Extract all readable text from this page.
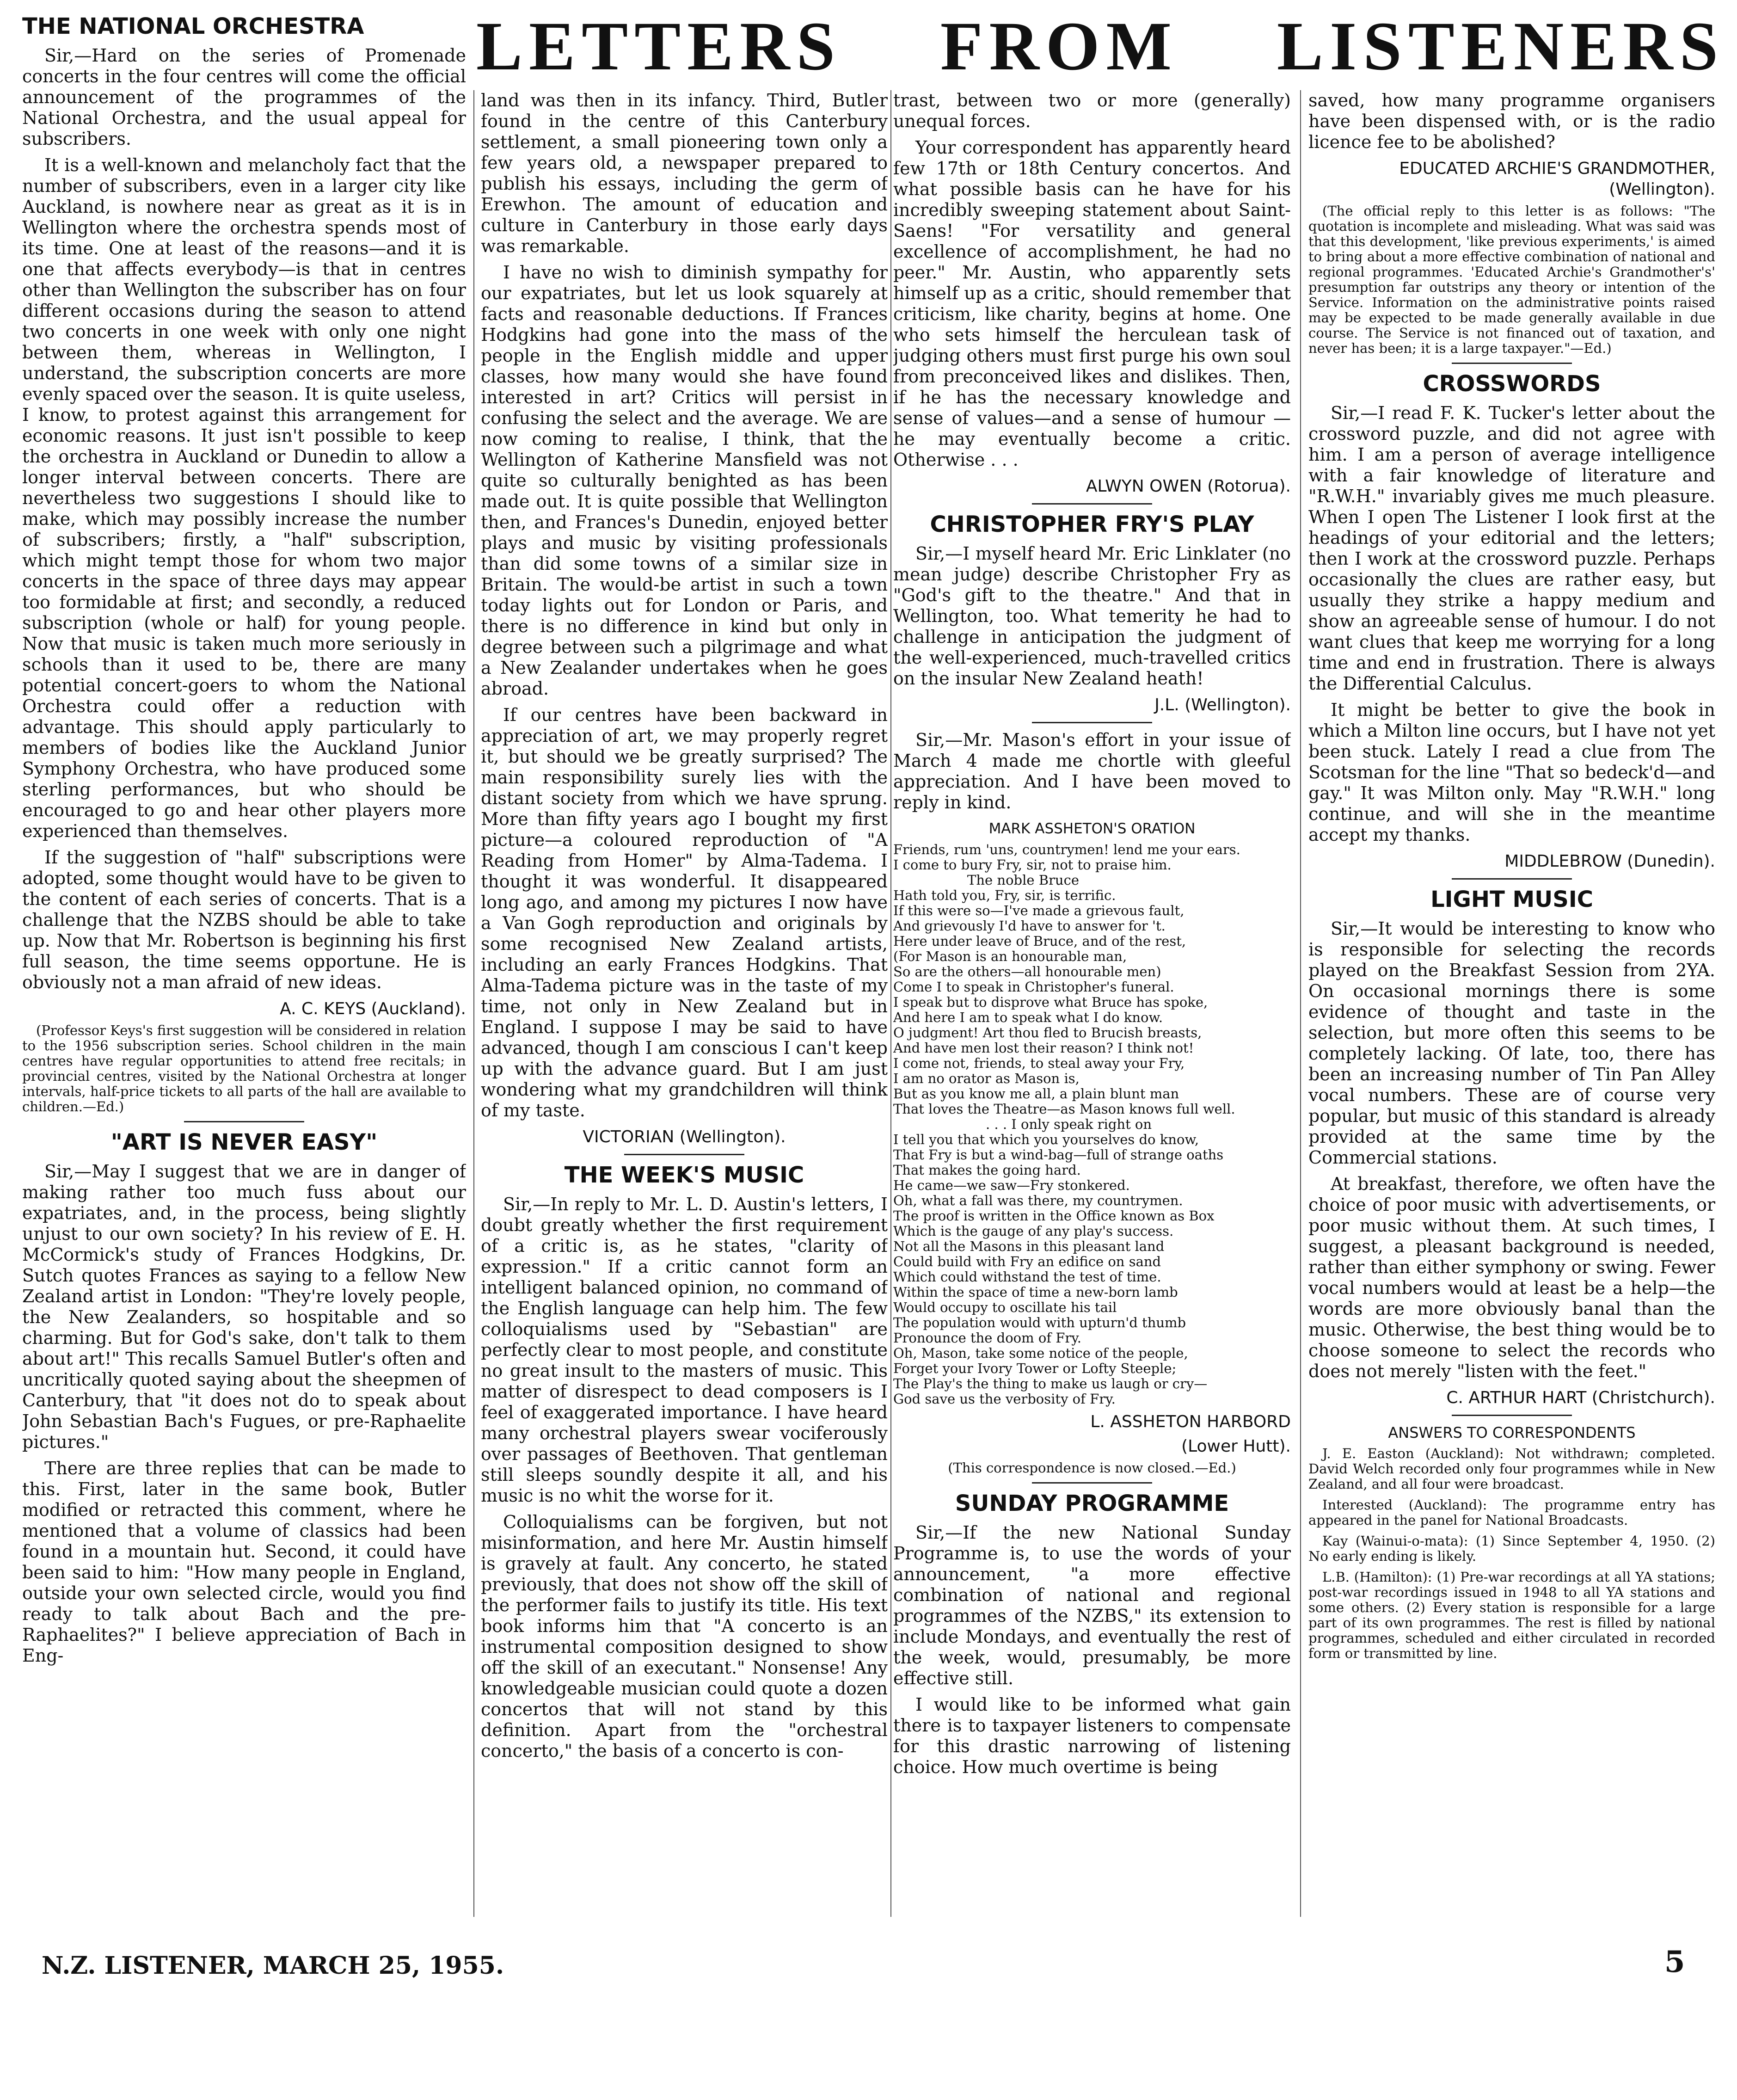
LETTERS FROM LISTENERS
THE NATIONAL ORCHESTRA

Sir,—Hard on the series of Promenade concerts in the four centres will come the official announcement of the programmes of the National Orchestra, and the usual appeal for subscribers.

It is a well-known and melancholy fact that the number of subscribers, even in a larger city like Auckland, is nowhere near as great as it is in Wellington where the orchestra spends most of its time. One at least of the reasons—and it is one that affects everybody—is that in centres other than Wellington the subscriber has on four different occasions during the season to attend two concerts in one week with only one night between them, whereas in Wellington, I understand, the subscription concerts are more evenly spaced over the season. It is quite useless, I know, to protest against this arrangement for economic reasons. It just isn't possible to keep the orchestra in Auckland or Dunedin to allow a longer interval between concerts. There are nevertheless two suggestions I should like to make, which may possibly increase the number of subscribers; firstly, a "half" subscription, which might tempt those for whom two major concerts in the space of three days may appear too formidable at first; and secondly, a reduced subscription (whole or half) for young people. Now that music is taken much more seriously in schools than it used to be, there are many potential concert-goers to whom the National Orchestra could offer a reduction with advantage. This should apply particularly to members of bodies like the Auckland Junior Symphony Orchestra, who have produced some sterling performances, but who should be encouraged to go and hear other players more experienced than themselves.

If the suggestion of "half" subscriptions were adopted, some thought would have to be given to the content of each series of concerts. That is a challenge that the NZBS should be able to take up. Now that Mr. Robertson is beginning his first full season, the time seems opportune. He is obviously not a man afraid of new ideas.

A. C. KEYS (Auckland).

(Professor Keys's first suggestion will be considered in relation to the 1956 subscription series. School children in the main centres have regular opportunities to attend free recitals; in provincial centres, visited by the National Orchestra at longer intervals, half-price tickets to all parts of the hall are available to children.—Ed.)

"ART IS NEVER EASY"

Sir,—May I suggest that we are in danger of making rather too much fuss about our expatriates, and, in the process, being slightly unjust to our own society? In his review of E. H. McCormick's study of Frances Hodgkins, Dr. Sutch quotes Frances as saying to a fellow New Zealand artist in London: "They're lovely people, the New Zealanders, so hospitable and so charming. But for God's sake, don't talk to them about art!" This recalls Samuel Butler's often and uncritically quoted saying about the sheepmen of Canterbury, that "it does not do to speak about John Sebastian Bach's Fugues, or pre-Raphaelite pictures."

There are three replies that can be made to this. First, later in the same book, Butler modified or retracted this comment, where he mentioned that a volume of classics had been found in a mountain hut. Second, it could have been said to him: "How many people in England, outside your own selected circle, would you find ready to talk about Bach and the pre-Raphaelites?" I believe appreciation of Bach in Eng-

land was then in its infancy. Third, Butler found in the centre of this Canterbury settlement, a small pioneering town only a few years old, a newspaper prepared to publish his essays, including the germ of Erewhon. The amount of education and culture in Canterbury in those early days was remarkable.

I have no wish to diminish sympathy for our expatriates, but let us look squarely at facts and reasonable deductions. If Frances Hodgkins had gone into the mass of the people in the English middle and upper classes, how many would she have found interested in art? Critics will persist in confusing the select and the average. We are now coming to realise, I think, that the Wellington of Katherine Mansfield was not quite so culturally benighted as has been made out. It is quite possible that Wellington then, and Frances's Dunedin, enjoyed better plays and music by visiting professionals than did some towns of a similar size in Britain. The would-be artist in such a town today lights out for London or Paris, and there is no difference in kind but only in degree between such a pilgrimage and what a New Zealander undertakes when he goes abroad.

If our centres have been backward in appreciation of art, we may properly regret it, but should we be greatly surprised? The main responsibility surely lies with the distant society from which we have sprung. More than fifty years ago I bought my first picture—a coloured reproduction of "A Reading from Homer" by Alma-Tadema. I thought it was wonderful. It disappeared long ago, and among my pictures I now have a Van Gogh reproduction and originals by some recognised New Zealand artists, including an early Frances Hodgkins. That Alma-Tadema picture was in the taste of my time, not only in New Zealand but in England. I suppose I may be said to have advanced, though I am conscious I can't keep up with the advance guard. But I am just wondering what my grandchildren will think of my taste.

VICTORIAN (Wellington).
THE WEEK'S MUSIC

Sir,—In reply to Mr. L. D. Austin's letters, I doubt greatly whether the first requirement of a critic is, as he states, "clarity of expression." If a critic cannot form an intelligent balanced opinion, no command of the English language can help him. The few colloquialisms used by "Sebastian" are perfectly clear to most people, and constitute no great insult to the masters of music. This matter of disrespect to dead composers is I feel of exaggerated importance. I have heard many orchestral players swear vociferously over passages of Beethoven. That gentleman still sleeps soundly despite it all, and his music is no whit the worse for it.

Colloquialisms can be forgiven, but not misinformation, and here Mr. Austin himself is gravely at fault. Any concerto, he stated previously, that does not show off the skill of the performer fails to justify its title. His text book informs him that "A concerto is an instrumental composition designed to show off the skill of an executant." Nonsense! Any knowledgeable musician could quote a dozen concertos that will not stand by this definition. Apart from the "orchestral concerto," the basis of a concerto is con-

trast, between two or more (generally) unequal forces.

Your correspondent has apparently heard few 17th or 18th Century concertos. And what possible basis can he have for his incredibly sweeping statement about Saint-Saens! "For versatility and general excellence of accomplishment, he had no peer." Mr. Austin, who apparently sets himself up as a critic, should remember that criticism, like charity, begins at home. One who sets himself the herculean task of judging others must first purge his own soul from preconceived likes and dislikes. Then, if he has the necessary knowledge and sense of values—and a sense of humour —he may eventually become a critic. Otherwise . . .

ALWYN OWEN (Rotorua).
CHRISTOPHER FRY'S PLAY

Sir,—I myself heard Mr. Eric Linklater (no mean judge) describe Christopher Fry as "God's gift to the theatre." And that in Wellington, too. What temerity he had to challenge in anticipation the judgment of the well-experienced, much-travelled critics on the insular New Zealand heath!

J.L. (Wellington).

Sir,—Mr. Mason's effort in your issue of March 4 made me chortle with gleeful appreciation. And I have been moved to reply in kind.

MARK ASSHETON'S ORATION
Friends, rum 'uns, countrymen! lend me your ears.
I come to bury Fry, sir, not to praise him.
The noble Bruce
Hath told you, Fry, sir, is terrific.
If this were so—I've made a grievous fault,
And grievously I'd have to answer for 't.
Here under leave of Bruce, and of the rest,
(For Mason is an honourable man,
So are the others—all honourable men)
Come I to speak in Christopher's funeral.
I speak but to disprove what Bruce has spoke,
And here I am to speak what I do know.
O judgment! Art thou fled to Brucish breasts,
And have men lost their reason? I think not!
I come not, friends, to steal away your Fry,
I am no orator as Mason is,
But as you know me all, a plain blunt man
That loves the Theatre—as Mason knows full well.
. . . I only speak right on
I tell you that which you yourselves do know,
That Fry is but a wind-bag—full of strange oaths
That makes the going hard.
He came—we saw—Fry stonkered.
Oh, what a fall was there, my countrymen.
The proof is written in the Office known as Box
Which is the gauge of any play's success.
Not all the Masons in this pleasant land
Could build with Fry an edifice on sand
Which could withstand the test of time.
Within the space of time a new-born lamb
Would occupy to oscillate his tail
The population would with upturn'd thumb
Pronounce the doom of Fry.
Oh, Mason, take some notice of the people,
Forget your Ivory Tower or Lofty Steeple;
The Play's the thing to make us laugh or cry—
God save us the verbosity of Fry.
L. ASSHETON HARBORD
(Lower Hutt).

(This correspondence is now closed.—Ed.)

SUNDAY PROGRAMME

Sir,—If the new National Sunday Programme is, to use the words of your announcement, "a more effective combination of national and regional programmes of the NZBS," its extension to include Mondays, and eventually the rest of the week, would, presumably, be more effective still.

I would like to be informed what gain there is to taxpayer listeners to compensate for this drastic narrowing of listening choice. How much overtime is being

saved, how many programme organisers have been dispensed with, or is the radio licence fee to be abolished?

EDUCATED ARCHIE'S GRANDMOTHER, (Wellington).

(The official reply to this letter is as follows: "The quotation is incomplete and misleading. What was said was that this development, 'like previous experiments,' is aimed to bring about a more effective combination of national and regional programmes. 'Educated Archie's Grandmother's' presumption far outstrips any theory or intention of the Service. Information on the administrative points raised may be expected to be made generally available in due course. The Service is not financed out of taxation, and never has been; it is a large taxpayer."—Ed.)

CROSSWORDS

Sir,—I read F. K. Tucker's letter about the crossword puzzle, and did not agree with him. I am a person of average intelligence with a fair knowledge of literature and "R.W.H." invariably gives me much pleasure. When I open The Listener I look first at the headings of your editorial and the letters; then I work at the crossword puzzle. Perhaps occasionally the clues are rather easy, but usually they strike a happy medium and show an agreeable sense of humour. I do not want clues that keep me worrying for a long time and end in frustration. There is always the Differential Calculus.

It might be better to give the book in which a Milton line occurs, but I have not yet been stuck. Lately I read a clue from The Scotsman for the line "That so bedeck'd—and gay." It was Milton only. May "R.W.H." long continue, and will she in the meantime accept my thanks.

MIDDLEBROW (Dunedin).
LIGHT MUSIC

Sir,—It would be interesting to know who is responsible for selecting the records played on the Breakfast Session from 2YA. On occasional mornings there is some evidence of thought and taste in the selection, but more often this seems to be completely lacking. Of late, too, there has been an increasing number of Tin Pan Alley vocal numbers. These are of course very popular, but music of this standard is already provided at the same time by the Commercial stations.

At breakfast, therefore, we often have the choice of poor music with advertisements, or poor music without them. At such times, I suggest, a pleasant background is needed, rather than either symphony or swing. Fewer vocal numbers would at least be a help—the words are more obviously banal than the music. Otherwise, the best thing would be to choose someone to select the records who does not merely "listen with the feet."

C. ARTHUR HART (Christchurch).
ANSWERS TO CORRESPONDENTS

J. E. Easton (Auckland): Not withdrawn; completed. David Welch recorded only four programmes while in New Zealand, and all four were broadcast.

Interested (Auckland): The programme entry has appeared in the panel for National Broadcasts.

Kay (Wainui-o-mata): (1) Since September 4, 1950. (2) No early ending is likely.

L.B. (Hamilton): (1) Pre-war recordings at all YA stations; post-war recordings issued in 1948 to all YA stations and some others. (2) Every station is responsible for a large part of its own programmes. The rest is filled by national programmes, scheduled and either circulated in recorded form or transmitted by line.

N.Z. LISTENER, MARCH 25, 1955.	5
